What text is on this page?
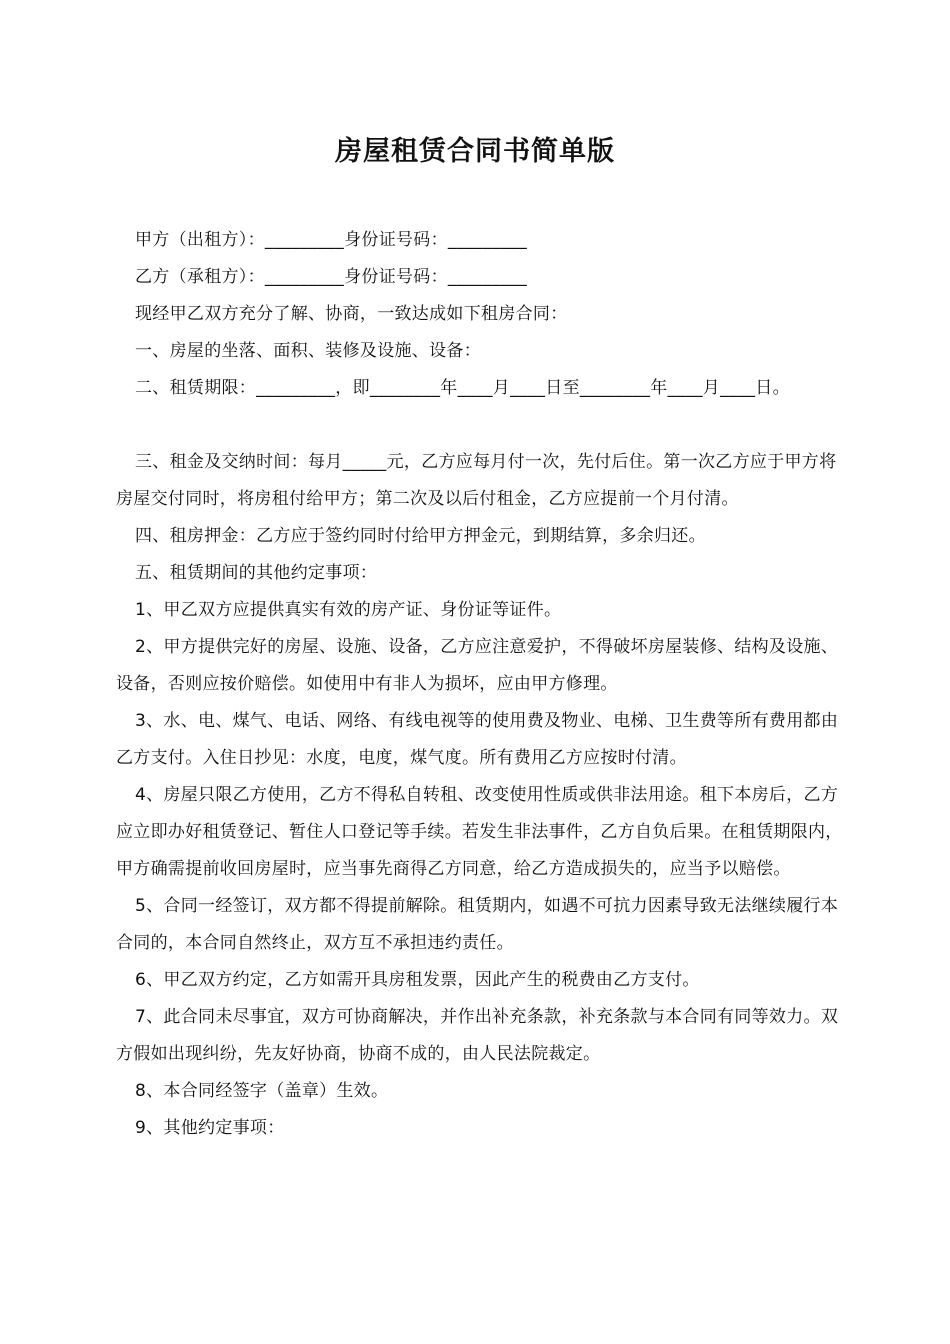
房屋租赁合同书简单版

甲方（出租方）：_________身份证号码：_________

乙方（承租方）：_________身份证号码：_________

现经甲乙双方充分了解、协商，一致达成如下租房合同：

一、房屋的坐落、面积、装修及设施、设备：

二、租赁期限：_________，即________年____月____日至________年____月____日。

三、租金及交纳时间：每月_____元，乙方应每月付一次，先付后住。第一次乙方应于甲方将房屋交付同时，将房租付给甲方；第二次及以后付租金，乙方应提前一个月付清。

四、租房押金：乙方应于签约同时付给甲方押金元，到期结算，多余归还。

五、租赁期间的其他约定事项：

1、甲乙双方应提供真实有效的房产证、身份证等证件。

2、甲方提供完好的房屋、设施、设备，乙方应注意爱护，不得破坏房屋装修、结构及设施、设备，否则应按价赔偿。如使用中有非人为损坏，应由甲方修理。

3、水、电、煤气、电话、网络、有线电视等的使用费及物业、电梯、卫生费等所有费用都由乙方支付。入住日抄见：水度，电度，煤气度。所有费用乙方应按时付清。

4、房屋只限乙方使用，乙方不得私自转租、改变使用性质或供非法用途。租下本房后，乙方应立即办好租赁登记、暂住人口登记等手续。若发生非法事件，乙方自负后果。在租赁期限内，甲方确需提前收回房屋时，应当事先商得乙方同意，给乙方造成损失的，应当予以赔偿。

5、合同一经签订，双方都不得提前解除。租赁期内，如遇不可抗力因素导致无法继续履行本合同的，本合同自然终止，双方互不承担违约责任。

6、甲乙双方约定，乙方如需开具房租发票，因此产生的税费由乙方支付。

7、此合同未尽事宜，双方可协商解决，并作出补充条款，补充条款与本合同有同等效力。双方假如出现纠纷，先友好协商，协商不成的，由人民法院裁定。

8、本合同经签字（盖章）生效。

9、其他约定事项：
